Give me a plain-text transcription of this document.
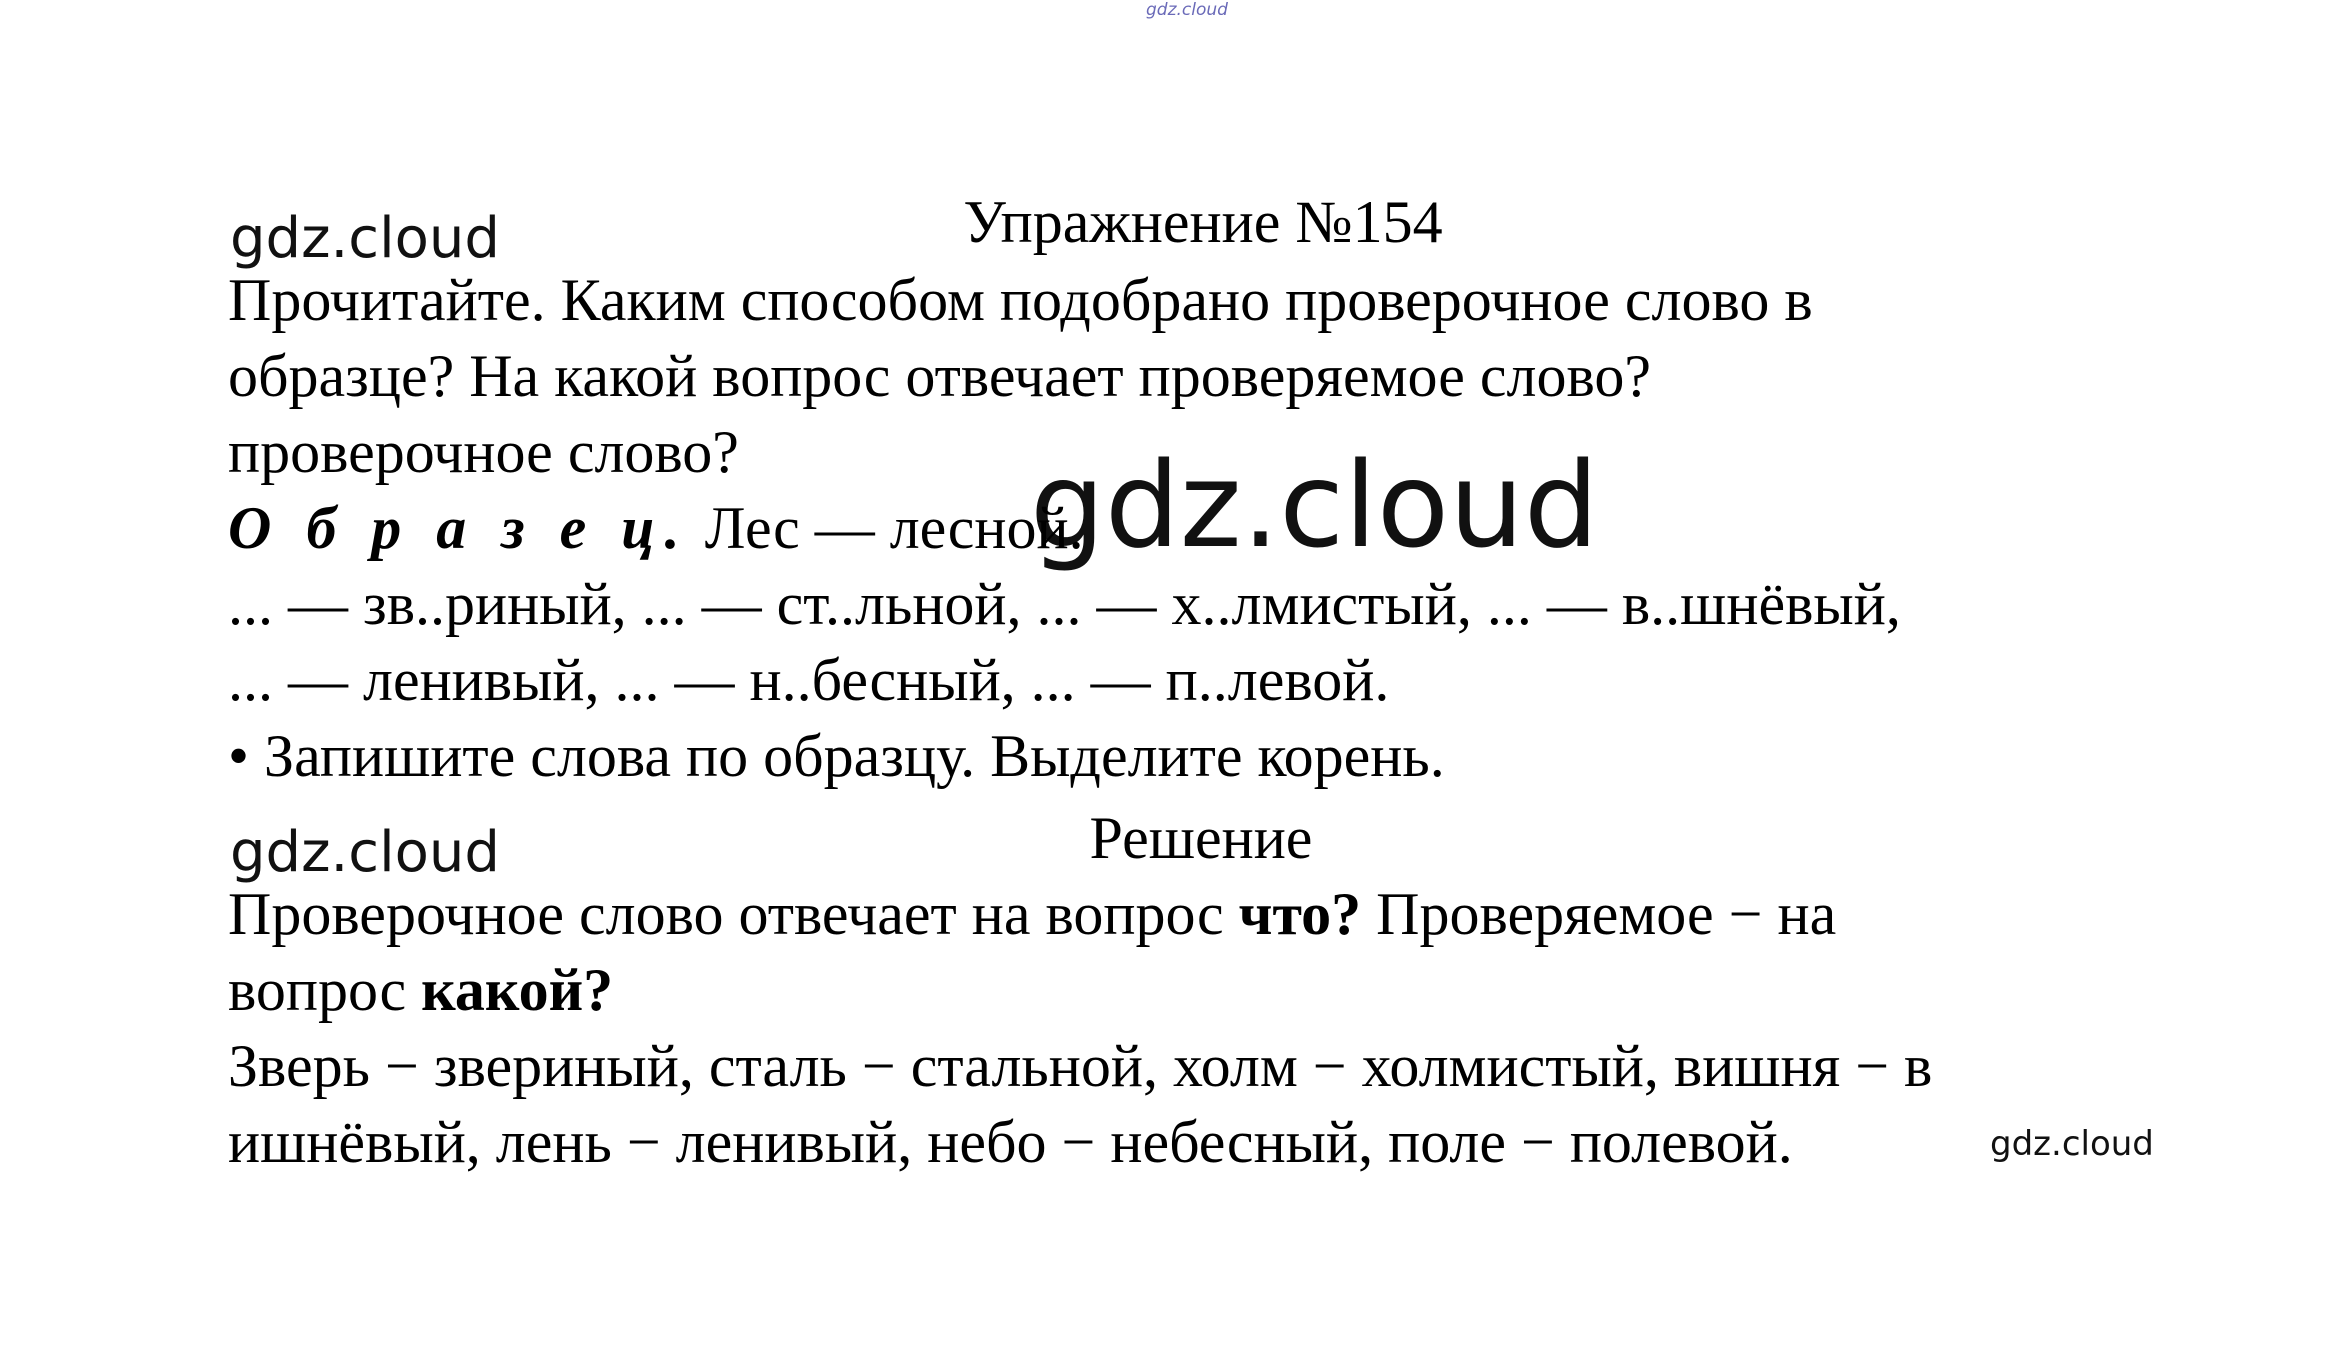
gdz.cloud
gdz.cloud
gdz.cloud
gdz.cloud
gdz.cloud
Упражнение №154
Прочитайте. Каким способом подобрано проверочное слово в
образце? На какой вопрос отвечает проверяемое слово?
проверочное слово?
О б р а з е ц. Лес — лесной.
... — зв..риный, ... — ст..льной, ... — х..лмистый, ... — в..шнёвый,
... — ленивый, ... — н..бесный, ... — п..левой.
• Запишите слова по образцу. Выделите корень.
Решение
Проверочное слово отвечает на вопрос что? Проверяемое − на
вопрос какой?
Зверь − звериный, сталь − стальной, холм − холмистый, вишня − в
ишнёвый, лень − ленивый, небо − небесный, поле − полевой.
